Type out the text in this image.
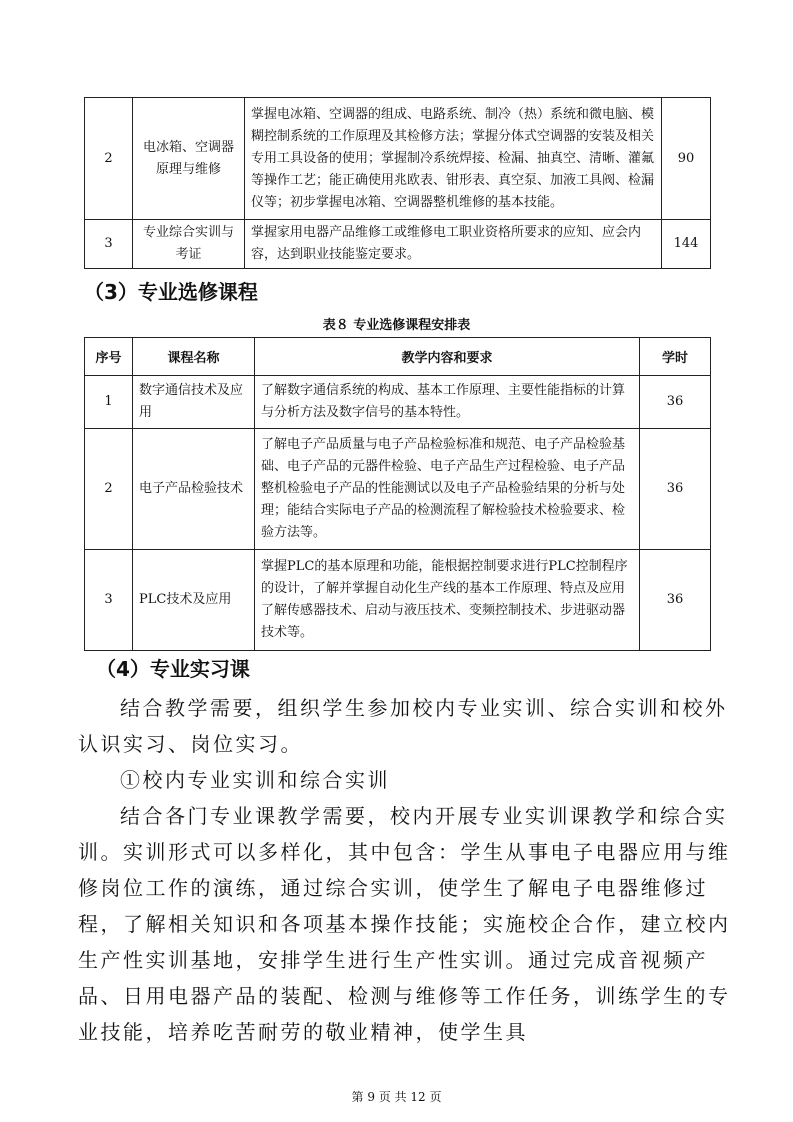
2	电冰箱、空调器原理与维修	掌握电冰箱、空调器的组成、电路系统、制冷（热）系统和微电脑、模糊控制系统的工作原理及其检修方法；掌握分体式空调器的安装及相关专用工具设备的使用；掌握制冷系统焊接、检漏、抽真空、清晰、灌氟等操作工艺；能正确使用兆欧表、钳形表、真空泵、加液工具阀、检漏仪等；初步掌握电冰箱、空调器整机维修的基本技能。	90
3	专业综合实训与考证	掌握家用电器产品维修工或维修电工职业资格所要求的应知、应会内容，达到职业技能鉴定要求。	144
（3）专业选修课程
表８ 专业选修课程安排表
序号	课程名称	教学内容和要求	学时
1	数字通信技术及应用	了解数字通信系统的构成、基本工作原理、主要性能指标的计算与分析方法及数字信号的基本特性。	36
2	电子产品检验技术	了解电子产品质量与电子产品检验标准和规范、电子产品检验基础、电子产品的元器件检验、电子产品生产过程检验、电子产品整机检验电子产品的性能测试以及电子产品检验结果的分析与处理；能结合实际电子产品的检测流程了解检验技术检验要求、检验方法等。	36
3	PLC技术及应用	掌握PLC的基本原理和功能，能根据控制要求进行PLC控制程序的设计，了解并掌握自动化生产线的基本工作原理、特点及应用了解传感器技术、启动与液压技术、变频控制技术、步进驱动器技术等。	36
（4）专业实习课
结合教学需要，组织学生参加校内专业实训、综合实训和校外认识实习、岗位实习。
①校内专业实训和综合实训
结合各门专业课教学需要，校内开展专业实训课教学和综合实训。实训形式可以多样化，其中包含：学生从事电子电器应用与维修岗位工作的演练，通过综合实训，使学生了解电子电器维修过程，了解相关知识和各项基本操作技能；实施校企合作，建立校内生产性实训基地，安排学生进行生产性实训。通过完成音视频产品、日用电器产品的装配、检测与维修等工作任务，训练学生的专业技能，培养吃苦耐劳的敬业精神，使学生具
第 9 页 共 12 页
